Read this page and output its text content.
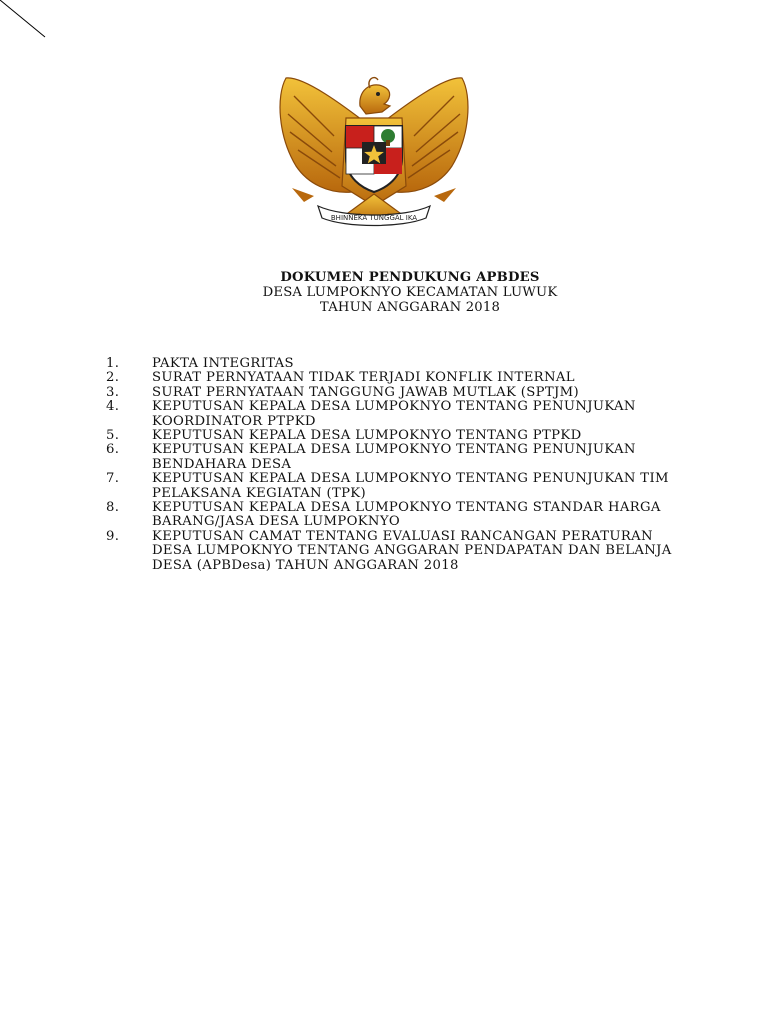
BHINNEKA TUNGGAL IKA
DOKUMEN PENDUKUNG APBDES
DESA LUMPOKNYO KECAMATAN LUWUK
TAHUN ANGGARAN 2018
1.	PAKTA INTEGRITAS
2.	SURAT PERNYATAAN TIDAK TERJADI KONFLIK INTERNAL
3.	SURAT PERNYATAAN TANGGUNG JAWAB MUTLAK (SPTJM)
4.	KEPUTUSAN KEPALA DESA LUMPOKNYO TENTANG PENUNJUKAN
KOORDINATOR PTPKD
5.	KEPUTUSAN KEPALA DESA LUMPOKNYO TENTANG PTPKD
6.	KEPUTUSAN KEPALA DESA LUMPOKNYO TENTANG PENUNJUKAN
BENDAHARA DESA
7.	KEPUTUSAN KEPALA DESA LUMPOKNYO TENTANG PENUNJUKAN TIM
PELAKSANA KEGIATAN (TPK)
8.	KEPUTUSAN KEPALA DESA LUMPOKNYO TENTANG STANDAR HARGA
BARANG/JASA DESA LUMPOKNYO
9.	KEPUTUSAN CAMAT TENTANG EVALUASI RANCANGAN PERATURAN
DESA LUMPOKNYO TENTANG ANGGARAN PENDAPATAN DAN BELANJA
DESA (APBDesa) TAHUN ANGGARAN 2018
